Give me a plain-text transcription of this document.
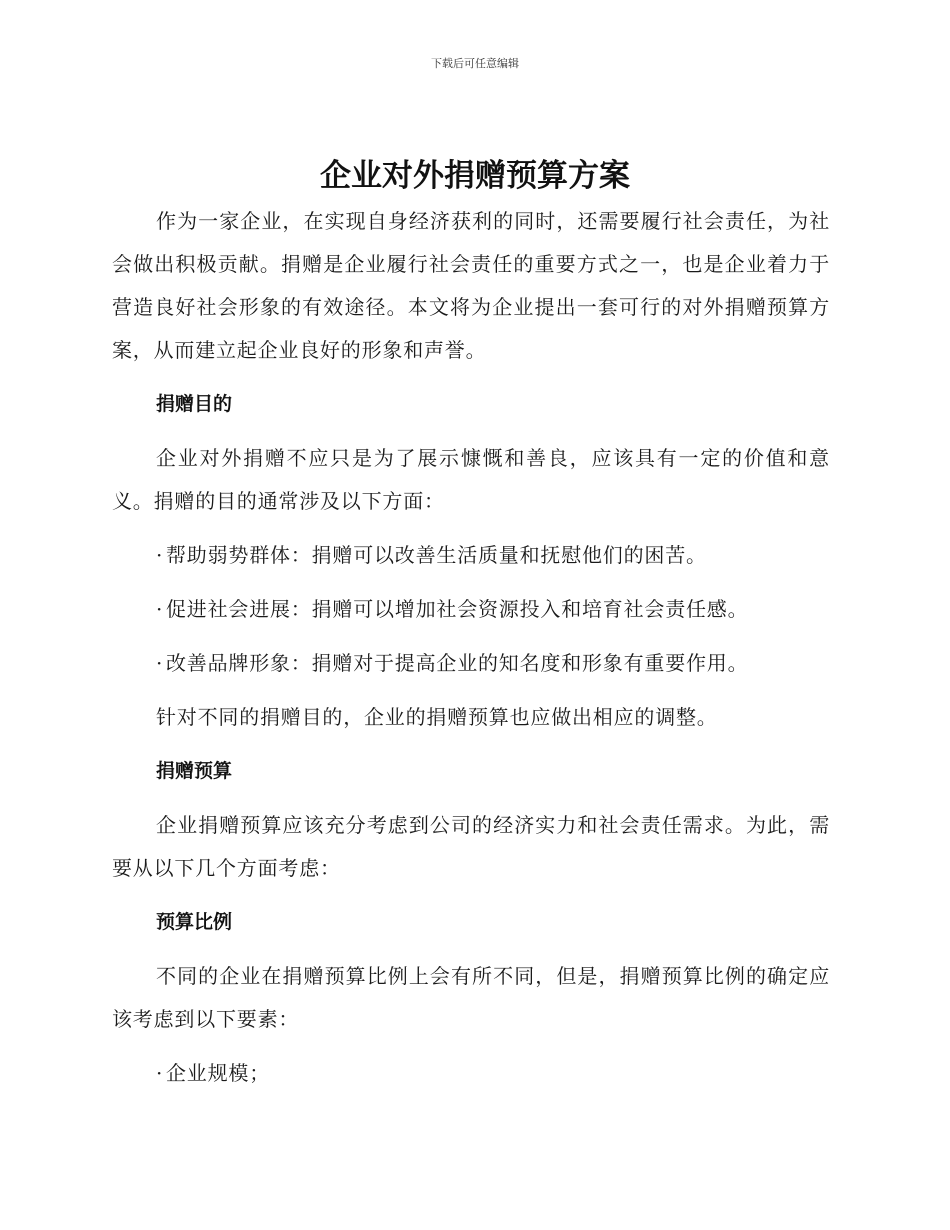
下载后可任意编辑
企业对外捐赠预算方案

作为一家企业，在实现自身经济获利的同时，还需要履行社会责任，为社会做出积极贡献。捐赠是企业履行社会责任的重要方式之一，也是企业着力于营造良好社会形象的有效途径。本文将为企业提出一套可行的对外捐赠预算方案，从而建立起企业良好的形象和声誉。

捐赠目的

企业对外捐赠不应只是为了展示慷慨和善良，应该具有一定的价值和意义。捐赠的目的通常涉及以下方面：

· 帮助弱势群体：捐赠可以改善生活质量和抚慰他们的困苦。
· 促进社会进展：捐赠可以增加社会资源投入和培育社会责任感。
· 改善品牌形象：捐赠对于提高企业的知名度和形象有重要作用。

针对不同的捐赠目的，企业的捐赠预算也应做出相应的调整。

捐赠预算

企业捐赠预算应该充分考虑到公司的经济实力和社会责任需求。为此，需要从以下几个方面考虑：

预算比例

不同的企业在捐赠预算比例上会有所不同，但是，捐赠预算比例的确定应该考虑到以下要素：

· 企业规模；
